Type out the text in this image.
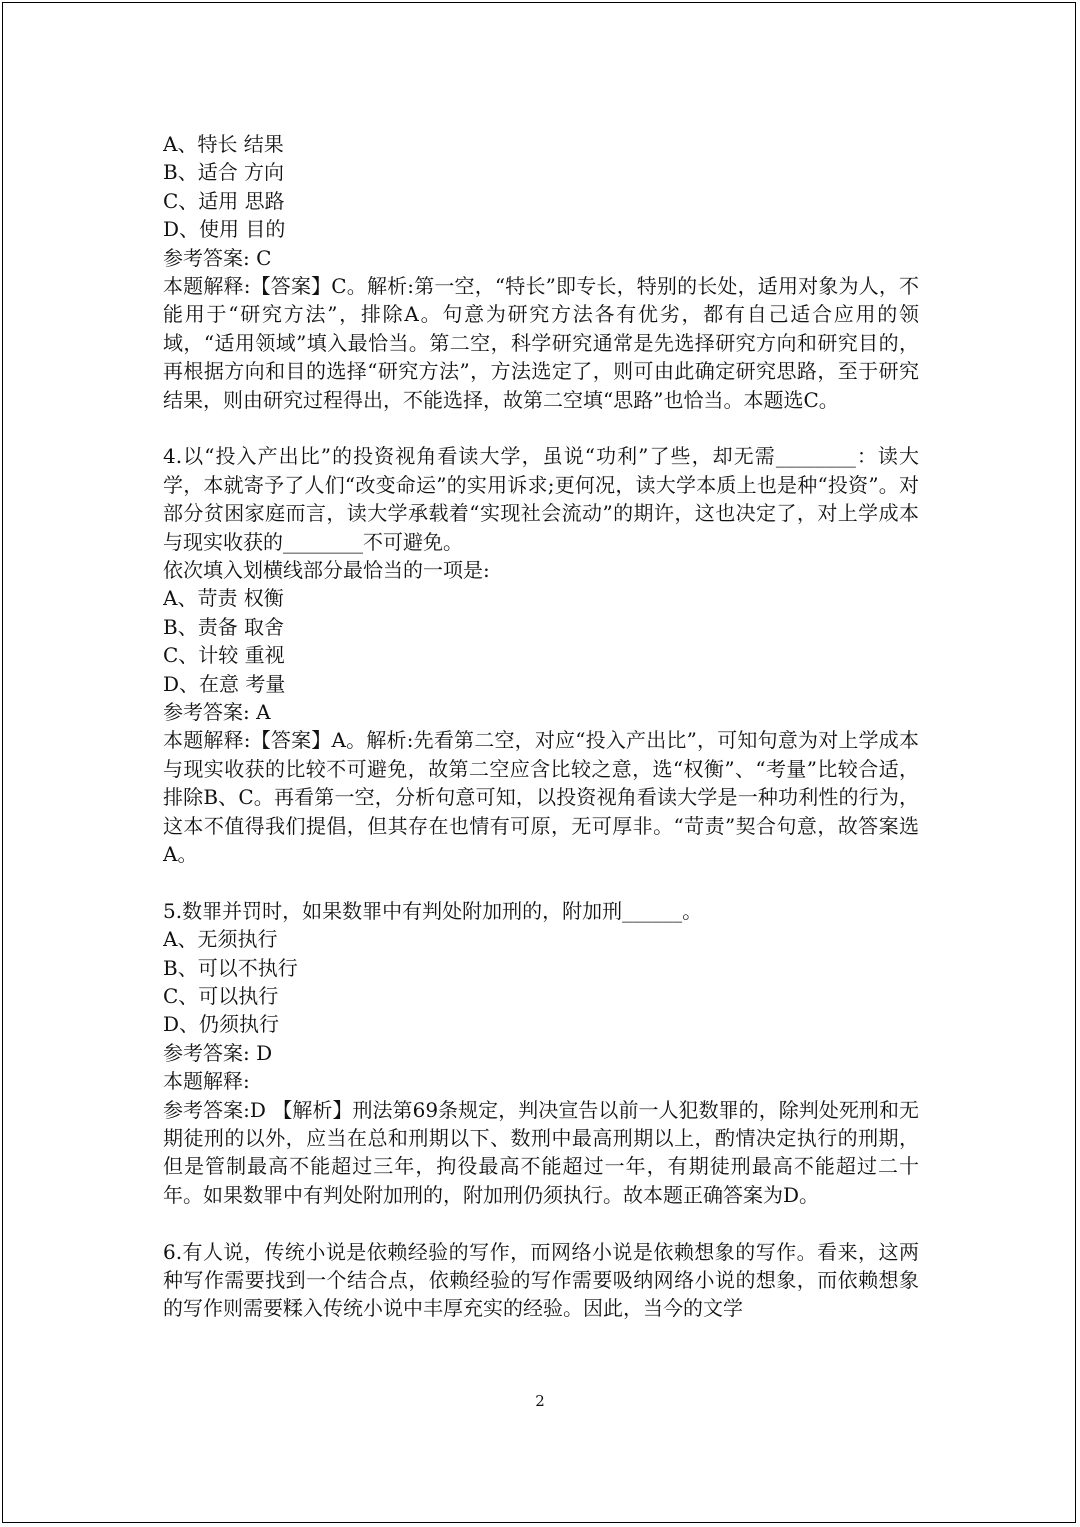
A、特长 结果
B、适合 方向
C、适用 思路
D、使用 目的
参考答案: C
本题解释:【答案】C。解析:第一空，“特长”即专长，特别的长处，适用对象为人，不能用于“研究方法”，排除A。句意为研究方法各有优劣，都有自己适合应用的领域，“适用领域”填入最恰当。第二空，科学研究通常是先选择研究方向和研究目的，再根据方向和目的选择“研究方法”，方法选定了，则可由此确定研究思路，至于研究结果，则由研究过程得出，不能选择，故第二空填“思路”也恰当。本题选C。
4.以“投入产出比”的投资视角看读大学，虽说“功利”了些，却无需________：读大学，本就寄予了人们“改变命运”的实用诉求;更何况，读大学本质上也是种“投资”。对部分贫困家庭而言，读大学承载着“实现社会流动”的期许，这也决定了，对上学成本与现实收获的________不可避免。
依次填入划横线部分最恰当的一项是:
A、苛责 权衡
B、责备 取舍
C、计较 重视
D、在意 考量
参考答案: A
本题解释:【答案】A。解析:先看第二空，对应“投入产出比”，可知句意为对上学成本与现实收获的比较不可避免，故第二空应含比较之意，选“权衡”、“考量”比较合适，排除B、C。再看第一空，分析句意可知，以投资视角看读大学是一种功利性的行为，这本不值得我们提倡，但其存在也情有可原，无可厚非。“苛责”契合句意，故答案选A。
5.数罪并罚时，如果数罪中有判处附加刑的，附加刑______。
A、无须执行
B、可以不执行
C、可以执行
D、仍须执行
参考答案: D
本题解释:
参考答案:D 【解析】刑法第69条规定，判决宣告以前一人犯数罪的，除判处死刑和无期徒刑的以外，应当在总和刑期以下、数刑中最高刑期以上，酌情决定执行的刑期，但是管制最高不能超过三年，拘役最高不能超过一年，有期徒刑最高不能超过二十年。如果数罪中有判处附加刑的，附加刑仍须执行。故本题正确答案为D。
6.有人说，传统小说是依赖经验的写作，而网络小说是依赖想象的写作。看来，这两种写作需要找到一个结合点，依赖经验的写作需要吸纳网络小说的想象，而依赖想象的写作则需要糅入传统小说中丰厚充实的经验。因此，当今的文学
2
